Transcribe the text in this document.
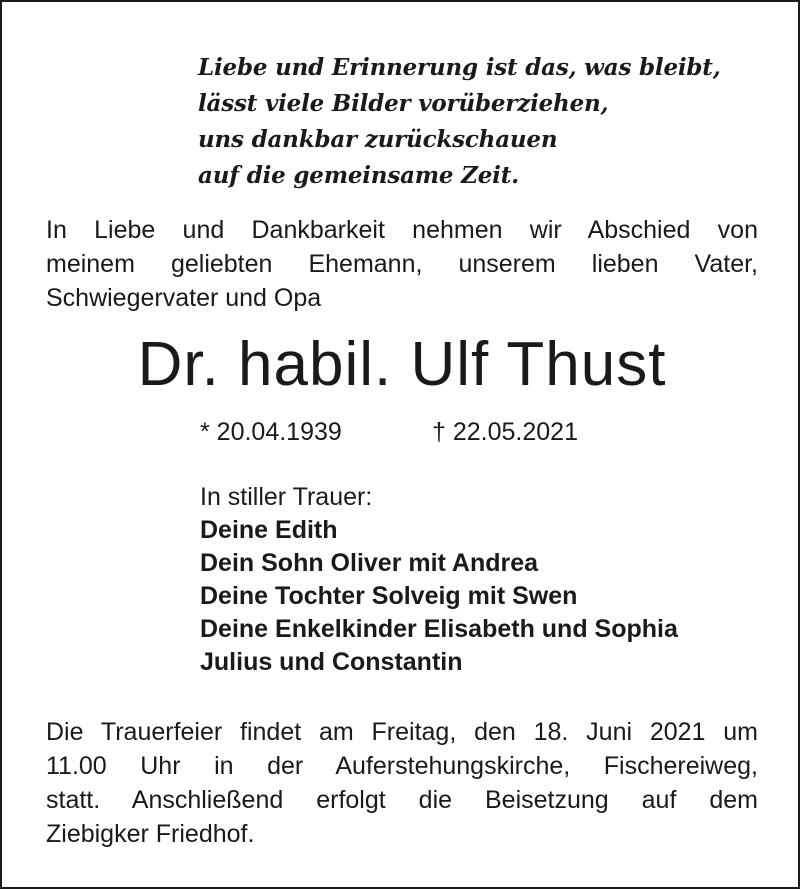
Liebe und Erinnerung ist das, was bleibt,
lässt viele Bilder vorüberziehen,
uns dankbar zurückschauen
auf die gemeinsame Zeit.
In Liebe und Dankbarkeit nehmen wir Abschied von
meinem geliebten Ehemann, unserem lieben Vater,
Schwiegervater und Opa
Dr. habil. Ulf Thust
* 20.04.1939	† 22.05.2021
In stiller Trauer:
Deine Edith
Dein Sohn Oliver mit Andrea
Deine Tochter Solveig mit Swen
Deine Enkelkinder Elisabeth und Sophia
Julius und Constantin
Die Trauerfeier findet am Freitag, den 18. Juni 2021 um
11.00 Uhr in der Auferstehungskirche, Fischereiweg,
statt. Anschließend erfolgt die Beisetzung auf dem
Ziebigker Friedhof.
